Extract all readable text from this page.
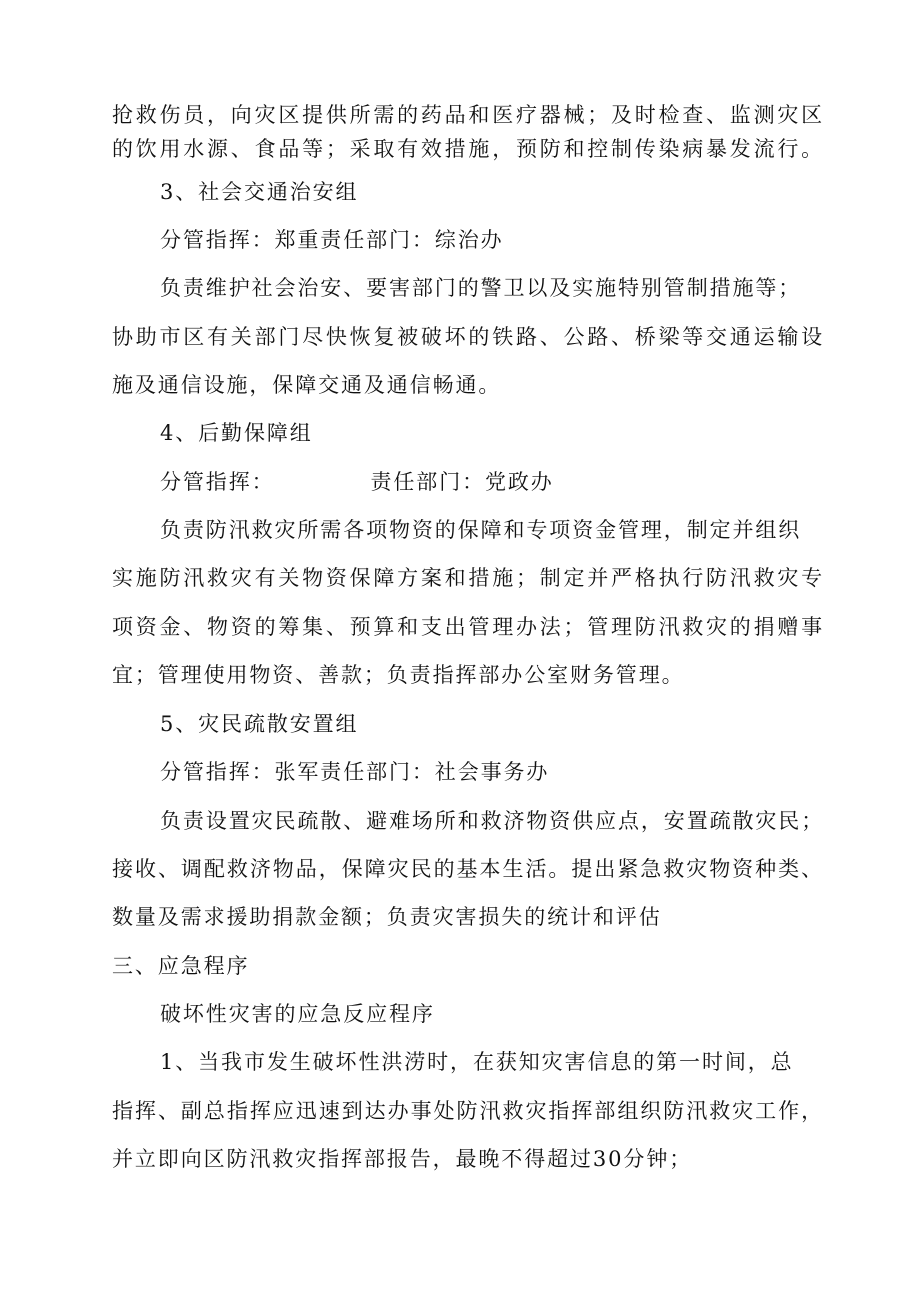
抢救伤员，向灾区提供所需的药品和医疗器械；及时检查、监测灾区
的饮用水源、食品等；采取有效措施，预防和控制传染病暴发流行。
3、社会交通治安组
分管指挥：郑重责任部门：综治办
负责维护社会治安、要害部门的警卫以及实施特别管制措施等；
协助市区有关部门尽快恢复被破坏的铁路、公路、桥梁等交通运输设
施及通信设施，保障交通及通信畅通。
4、后勤保障组
分管指挥：	责任部门：党政办
负责防汛救灾所需各项物资的保障和专项资金管理，制定并组织
实施防汛救灾有关物资保障方案和措施；制定并严格执行防汛救灾专
项资金、物资的筹集、预算和支出管理办法；管理防汛救灾的捐赠事
宜；管理使用物资、善款；负责指挥部办公室财务管理。
5、灾民疏散安置组
分管指挥：张军责任部门：社会事务办
负责设置灾民疏散、避难场所和救济物资供应点，安置疏散灾民；
接收、调配救济物品，保障灾民的基本生活。提出紧急救灾物资种类、
数量及需求援助捐款金额；负责灾害损失的统计和评估
三、应急程序
破坏性灾害的应急反应程序
1、当我市发生破坏性洪涝时，在获知灾害信息的第一时间，总
指挥、副总指挥应迅速到达办事处防汛救灾指挥部组织防汛救灾工作，
并立即向区防汛救灾指挥部报告，最晚不得超过30分钟；
